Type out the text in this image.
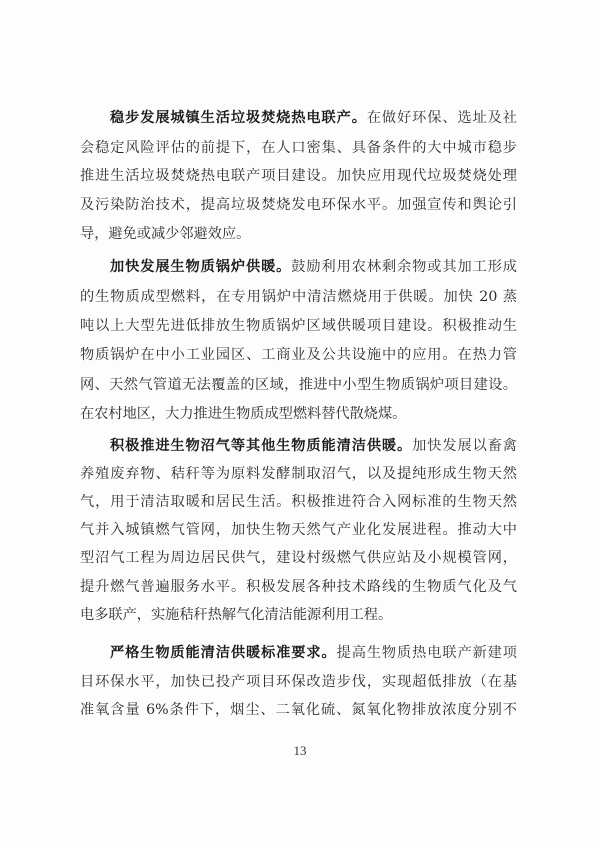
稳步发展城镇生活垃圾焚烧热电联产。在做好环保、选址及社
会稳定风险评估的前提下，在人口密集、具备条件的大中城市稳步
推进生活垃圾焚烧热电联产项目建设。加快应用现代垃圾焚烧处理
及污染防治技术，提高垃圾焚烧发电环保水平。加强宣传和舆论引
导，避免或减少邻避效应。
加快发展生物质锅炉供暖。鼓励利用农林剩余物或其加工形成
的生物质成型燃料，在专用锅炉中清洁燃烧用于供暖。加快 20 蒸
吨以上大型先进低排放生物质锅炉区域供暖项目建设。积极推动生
物质锅炉在中小工业园区、工商业及公共设施中的应用。在热力管
网、天然气管道无法覆盖的区域，推进中小型生物质锅炉项目建设。
在农村地区，大力推进生物质成型燃料替代散烧煤。
积极推进生物沼气等其他生物质能清洁供暖。加快发展以畜禽
养殖废弃物、秸秆等为原料发酵制取沼气，以及提纯形成生物天然
气，用于清洁取暖和居民生活。积极推进符合入网标准的生物天然
气并入城镇燃气管网，加快生物天然气产业化发展进程。推动大中
型沼气工程为周边居民供气，建设村级燃气供应站及小规模管网，
提升燃气普遍服务水平。积极发展各种技术路线的生物质气化及气
电多联产，实施秸秆热解气化清洁能源利用工程。
严格生物质能清洁供暖标准要求。提高生物质热电联产新建项
目环保水平，加快已投产项目环保改造步伐，实现超低排放（在基
准氧含量 6%条件下，烟尘、二氧化硫、氮氧化物排放浓度分别不
13
